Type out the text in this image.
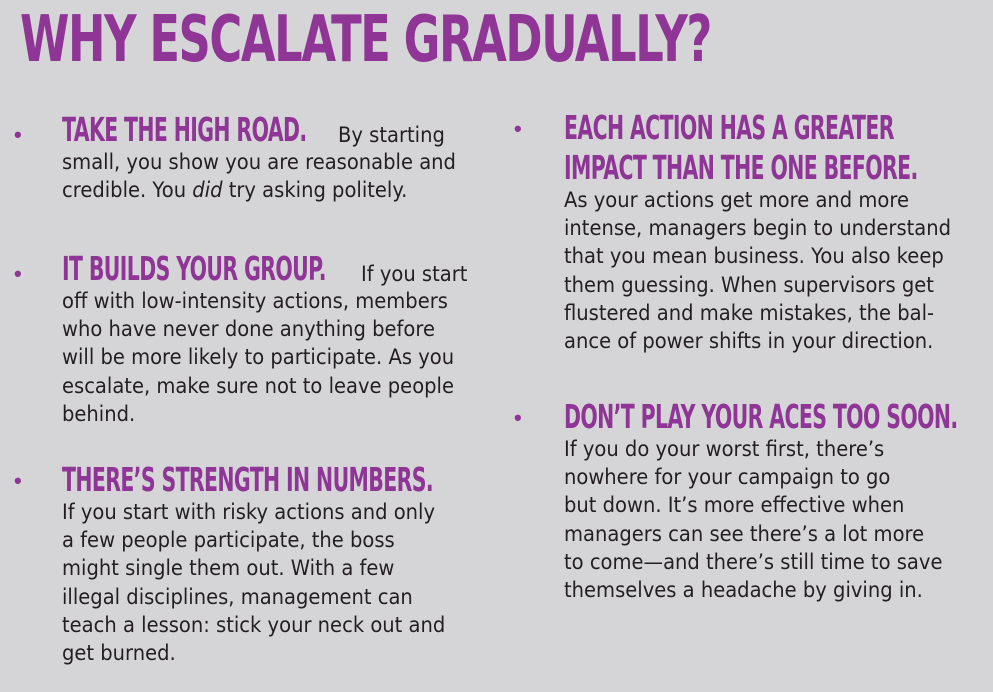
WHY ESCALATE GRADUALLY?
• TAKE THE HIGH ROAD. By starting
small, you show you are reasonable and
credible. You did try asking politely.
• IT BUILDS YOUR GROUP. If you start
off with low-intensity actions, members
who have never done anything before
will be more likely to participate. As you
escalate, make sure not to leave people
behind.
• THERE’S STRENGTH IN NUMBERS.
If you start with risky actions and only
a few people participate, the boss
might single them out. With a few
illegal disciplines, management can
teach a lesson: stick your neck out and
get burned.
• EACH ACTION HAS A GREATER
IMPACT THAN THE ONE BEFORE.
As your actions get more and more
intense, managers begin to understand
that you mean business. You also keep
them guessing. When supervisors get
flustered and make mistakes, the bal-
ance of power shifts in your direction.
• DON’T PLAY YOUR ACES TOO SOON.
If you do your worst first, there’s
nowhere for your campaign to go
but down. It’s more effective when
managers can see there’s a lot more
to come—and there’s still time to save
themselves a headache by giving in.
